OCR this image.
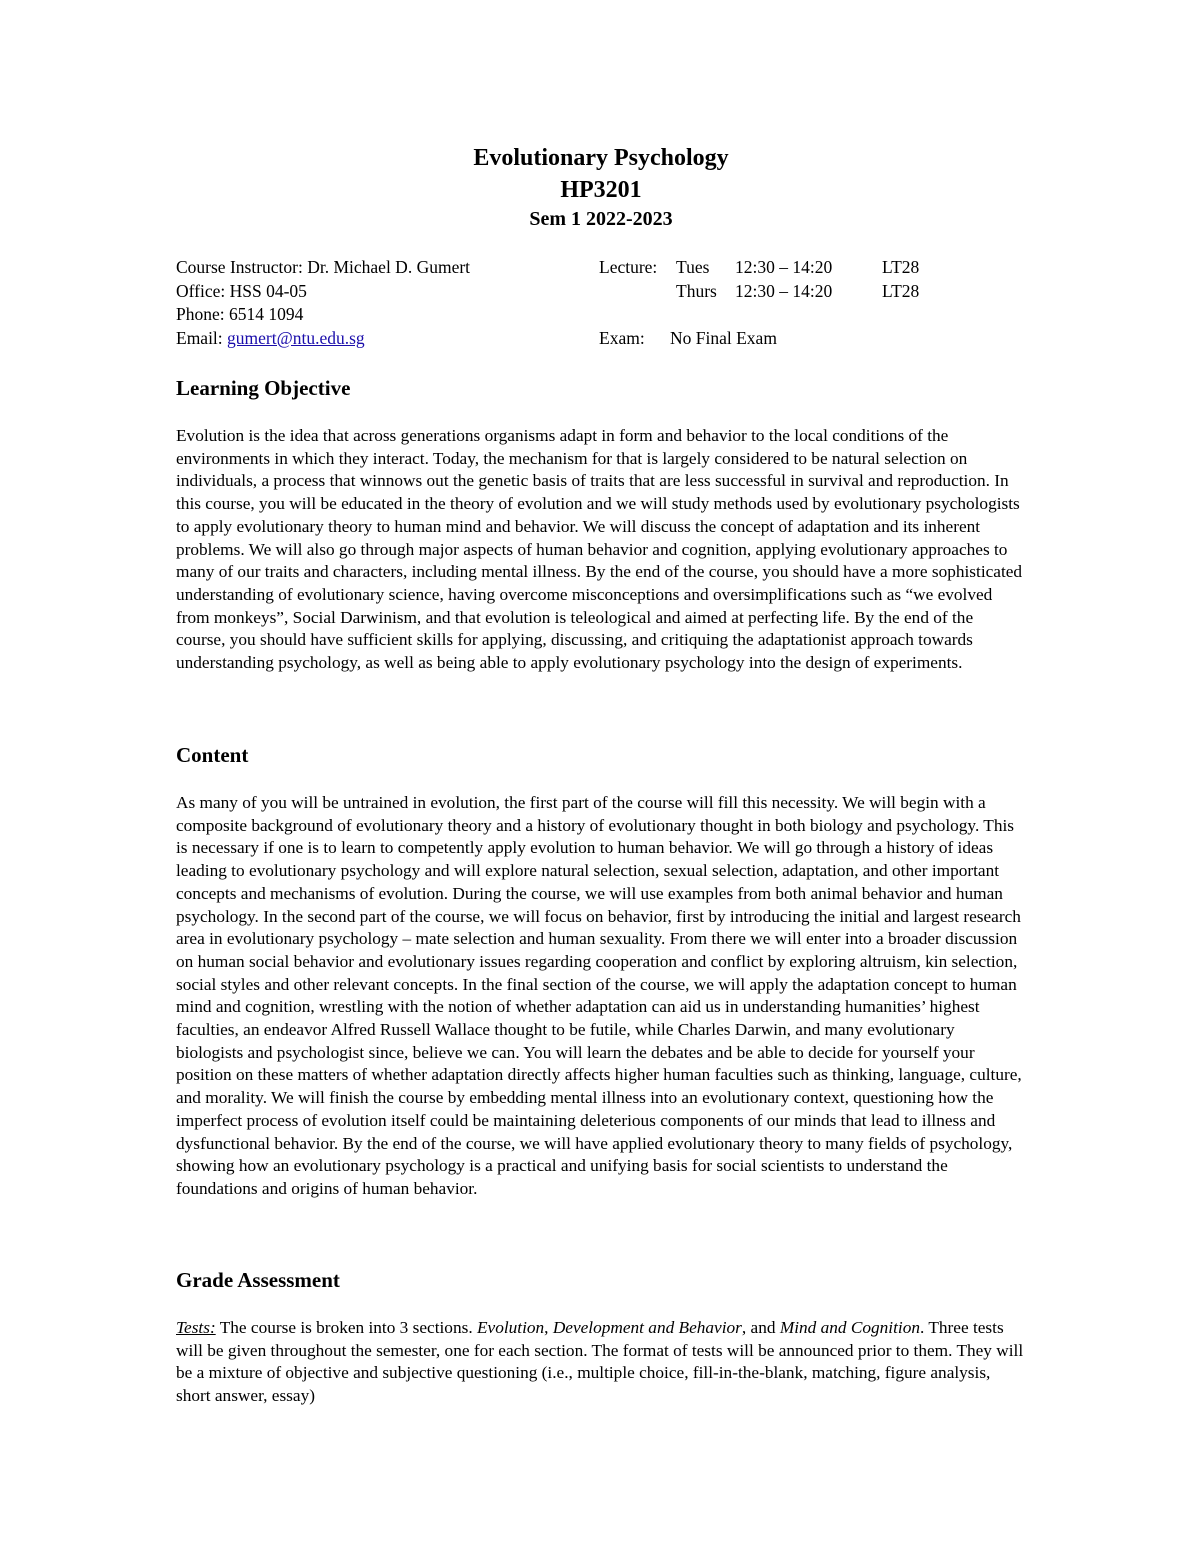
Evolutionary Psychology
HP3201
Sem 1 2022-2023
Course Instructor: Dr. Michael D. Gumert	Lecture: Tues 12:30 – 14:20	LT28
Office: HSS 04-05	Thurs 12:30 – 14:20	LT28
Phone: 6514 1094
Email: gumert@ntu.edu.sg	Exam: No Final Exam
Learning Objective

Evolution is the idea that across generations organisms adapt in form and behavior to the local conditions of the environments in which they interact. Today, the mechanism for that is largely considered to be natural selection on individuals, a process that winnows out the genetic basis of traits that are less successful in survival and reproduction. In this course, you will be educated in the theory of evolution and we will study methods used by evolutionary psychologists to apply evolutionary theory to human mind and behavior. We will discuss the concept of adaptation and its inherent problems. We will also go through major aspects of human behavior and cognition, applying evolutionary approaches to many of our traits and characters, including mental illness. By the end of the course, you should have a more sophisticated understanding of evolutionary science, having overcome misconceptions and oversimplifications such as “we evolved from monkeys”, Social Darwinism, and that evolution is teleological and aimed at perfecting life. By the end of the course, you should have sufficient skills for applying, discussing, and critiquing the adaptationist approach towards understanding psychology, as well as being able to apply evolutionary psychology into the design of experiments.

Content

As many of you will be untrained in evolution, the first part of the course will fill this necessity. We will begin with a composite background of evolutionary theory and a history of evolutionary thought in both biology and psychology. This is necessary if one is to learn to competently apply evolution to human behavior. We will go through a history of ideas leading to evolutionary psychology and will explore natural selection, sexual selection, adaptation, and other important concepts and mechanisms of evolution. During the course, we will use examples from both animal behavior and human psychology. In the second part of the course, we will focus on behavior, first by introducing the initial and largest research area in evolutionary psychology – mate selection and human sexuality. From there we will enter into a broader discussion on human social behavior and evolutionary issues regarding cooperation and conflict by exploring altruism, kin selection, social styles and other relevant concepts. In the final section of the course, we will apply the adaptation concept to human mind and cognition, wrestling with the notion of whether adaptation can aid us in understanding humanities’ highest faculties, an endeavor Alfred Russell Wallace thought to be futile, while Charles Darwin, and many evolutionary biologists and psychologist since, believe we can. You will learn the debates and be able to decide for yourself your position on these matters of whether adaptation directly affects higher human faculties such as thinking, language, culture, and morality. We will finish the course by embedding mental illness into an evolutionary context, questioning how the imperfect process of evolution itself could be maintaining deleterious components of our minds that lead to illness and dysfunctional behavior. By the end of the course, we will have applied evolutionary theory to many fields of psychology, showing how an evolutionary psychology is a practical and unifying basis for social scientists to understand the foundations and origins of human behavior.

Grade Assessment

Tests: The course is broken into 3 sections. Evolution, Development and Behavior, and Mind and Cognition. Three tests will be given throughout the semester, one for each section. The format of tests will be announced prior to them. They will be a mixture of objective and subjective questioning (i.e., multiple choice, fill-in-the-blank, matching, figure analysis, short answer, essay)
